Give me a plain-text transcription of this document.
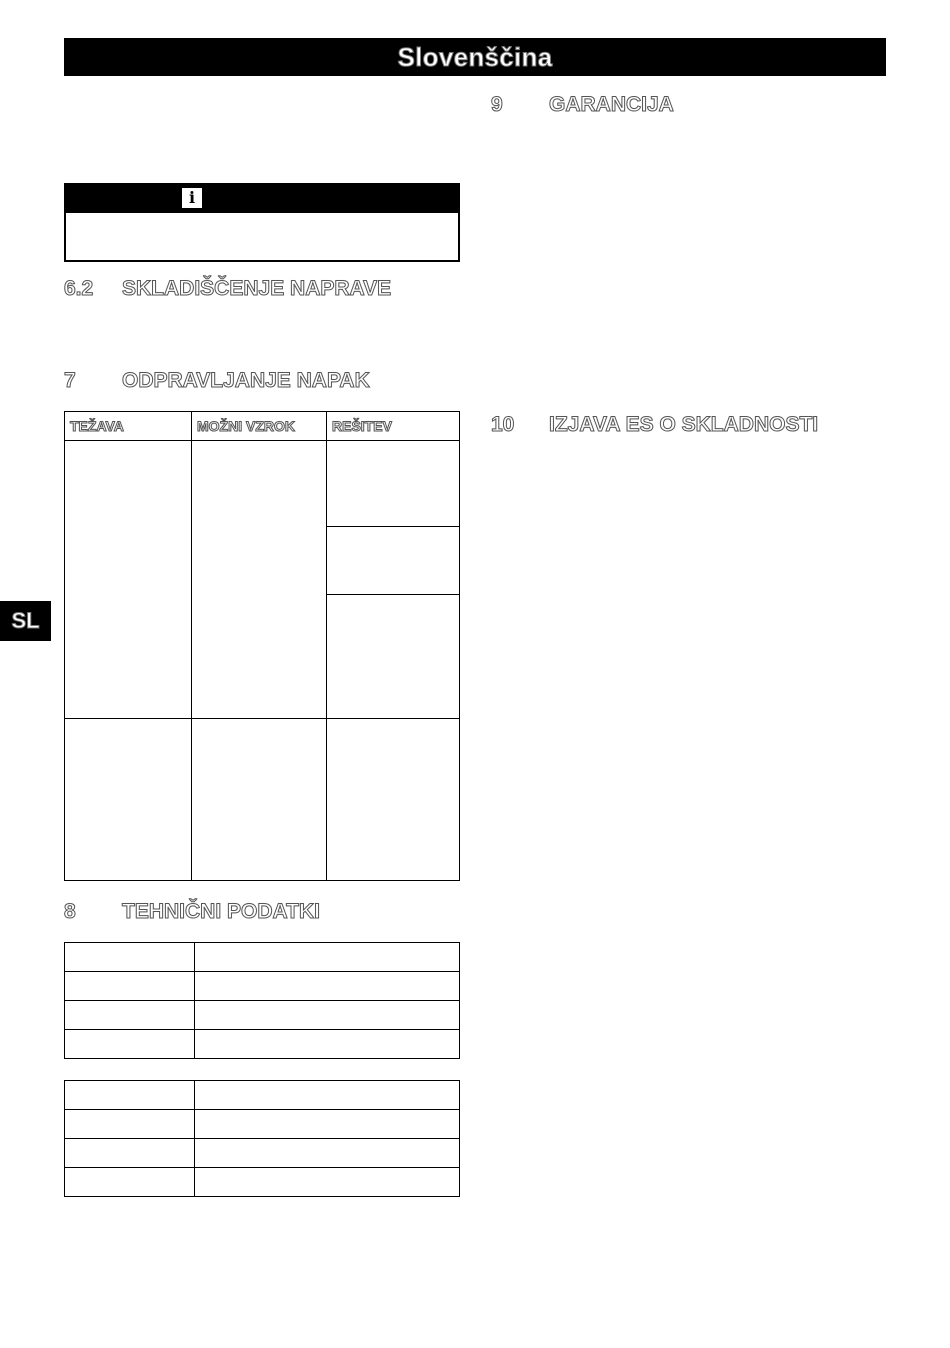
Slovenščina
SL
i
6.2	SKLADIŠČENJE NAPRAVE
7	ODPRAVLJANJE NAPAK
TEŽAVA	MOŽNI VZROK	REŠITEV

8	TEHNIČNI PODATKI

9	GARANCIJA
10	IZJAVA ES O SKLADNOSTI
